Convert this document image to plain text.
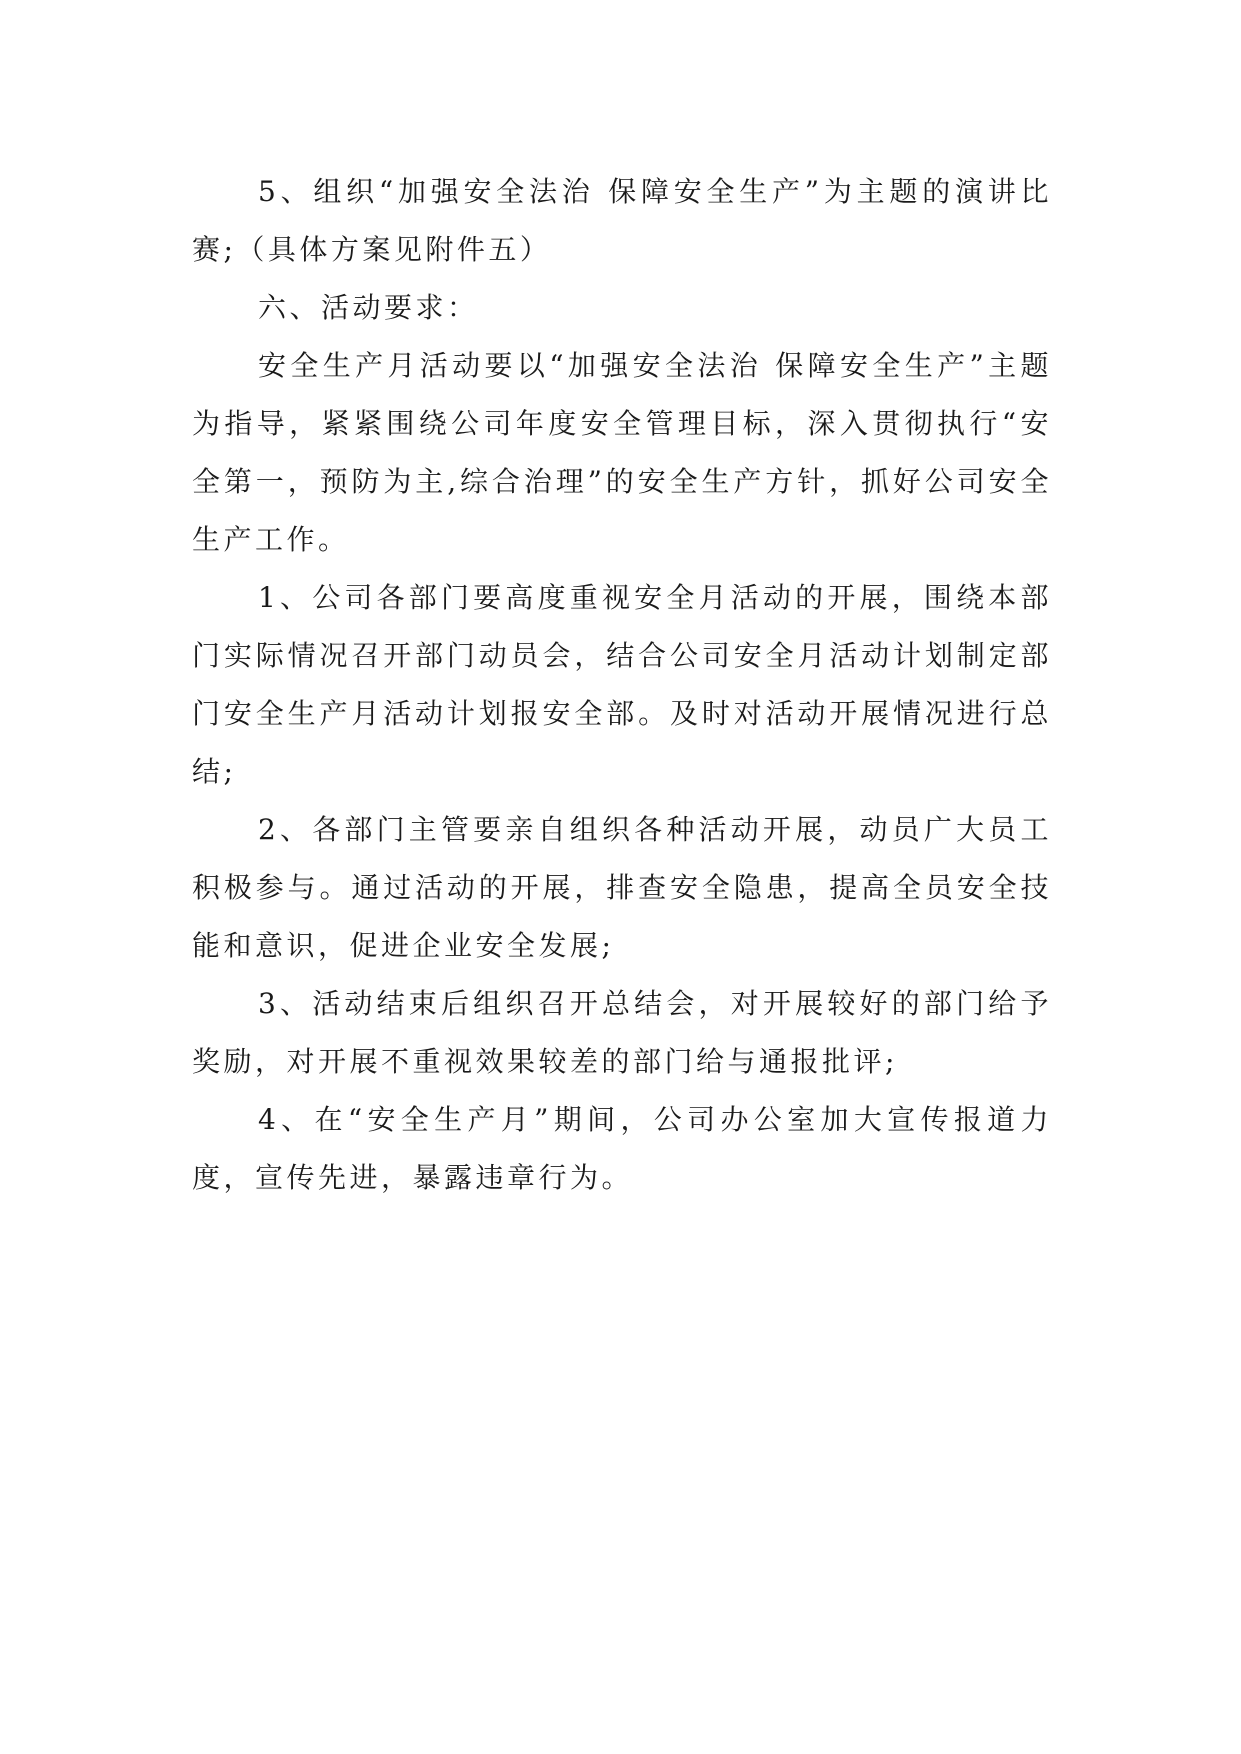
5、组织“加强安全法治 保障安全生产”为主题的演讲比赛;（具体方案见附件五）

六、活动要求：

安全生产月活动要以“加强安全法治 保障安全生产”主题为指导，紧紧围绕公司年度安全管理目标，深入贯彻执行“安全第一，预防为主,综合治理”的安全生产方针，抓好公司安全生产工作。

1、公司各部门要高度重视安全月活动的开展，围绕本部门实际情况召开部门动员会，结合公司安全月活动计划制定部门安全生产月活动计划报安全部。及时对活动开展情况进行总结;

2、各部门主管要亲自组织各种活动开展，动员广大员工积极参与。通过活动的开展，排查安全隐患，提高全员安全技能和意识，促进企业安全发展;

3、活动结束后组织召开总结会，对开展较好的部门给予奖励，对开展不重视效果较差的部门给与通报批评;

4、在“安全生产月”期间，公司办公室加大宣传报道力度，宣传先进，暴露违章行为。
